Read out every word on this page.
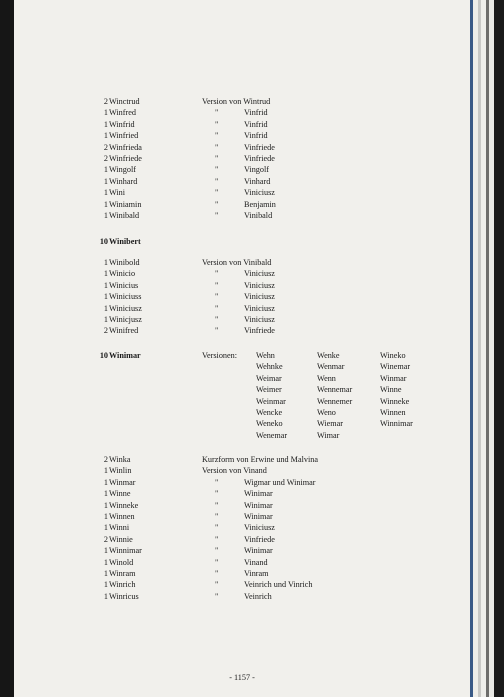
2 Winctrud	Version von Wintrud
1 Winfred	"	Vinfrid
1 Winfrid	"	Vinfrid
1 Winfried	"	Vinfrid
2 Winfrieda	"	Vinfriede
2 Winfriede	"	Vinfriede
1 Wingolf	"	Vingolf
1 Winhard	"	Vinhard
1 Wini	"	Viniciusz
1 Winiamin	"	Benjamin
1 Winibald	"	Vinibald
10 Winibert
1 Winibold	Version von Vinibald
1 Winicio	"	Viniciusz
1 Winicius	"	Viniciusz
1 Winiciuss	"	Viniciusz
1 Winiciusz	"	Viniciusz
1 Winicjusz	"	Viniciusz
2 Winifred	"	Vinfriede
10 Winimar	Versionen: Wehn	Wenke	Wineko
Wehnke	Wenmar	Winemar
Weimar	Wenn	Winmar
Weimer	Wennemar	Winne
Weinmar	Wennemer	Winneke
Wencke	Weno	Winnen
Weneko	Wiemar	Winnimar
Wenemar	Wimar
2 Winka	Kurzform von Erwine und Malvina
1 Winlin	Version von Vinand
1 Winmar	"	Wigmar und Winimar
1 Winne	"	Winimar
1 Winneke	"	Winimar
1 Winnen	"	Winimar
1 Winni	"	Viniciusz
2 Winnie	"	Vinfriede
1 Winnimar	"	Winimar
1 Winold	"	Vinand
1 Winram	"	Vinram
1 Winrich	"	Veinrich und Vinrich
1 Winricus	"	Veinrich
- 1157 -
